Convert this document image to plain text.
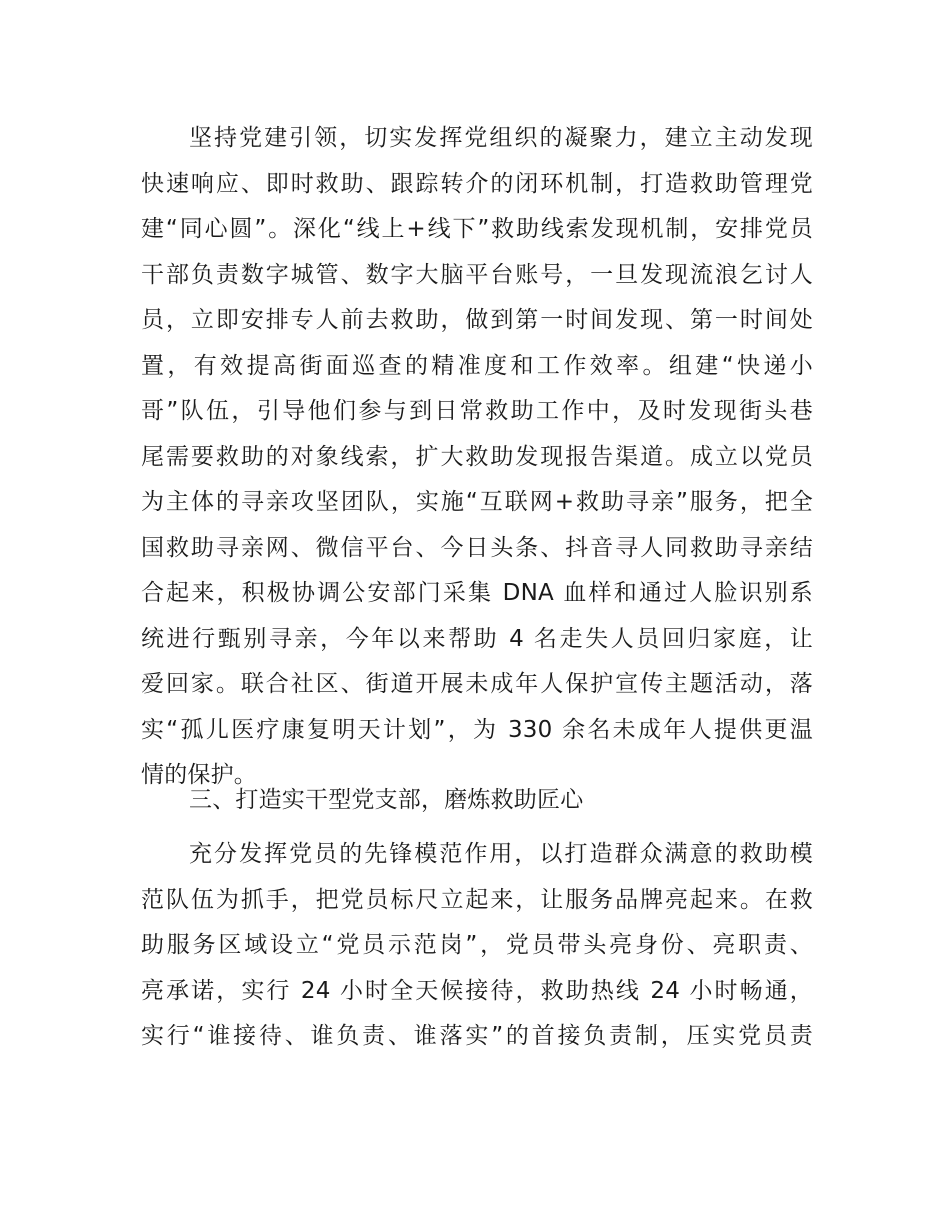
坚持党建引领，切实发挥党组织的凝聚力，建立主动发现
快速响应、即时救助、跟踪转介的闭环机制，打造救助管理党
建“同心圆”。深化“线上+线下”救助线索发现机制，安排党员
干部负责数字城管、数字大脑平台账号，一旦发现流浪乞讨人
员，立即安排专人前去救助，做到第一时间发现、第一时间处
置，有效提高街面巡查的精准度和工作效率。组建“快递小
哥”队伍，引导他们参与到日常救助工作中，及时发现街头巷
尾需要救助的对象线索，扩大救助发现报告渠道。成立以党员
为主体的寻亲攻坚团队，实施“互联网+救助寻亲”服务，把全
国救助寻亲网、微信平台、今日头条、抖音寻人同救助寻亲结
合起来，积极协调公安部门采集 DNA 血样和通过人脸识别系
统进行甄别寻亲，今年以来帮助 4 名走失人员回归家庭，让
爱回家。联合社区、街道开展未成年人保护宣传主题活动，落
实“孤儿医疗康复明天计划”，为 330 余名未成年人提供更温
情的保护。
三、打造实干型党支部，磨炼救助匠心
充分发挥党员的先锋模范作用，以打造群众满意的救助模
范队伍为抓手，把党员标尺立起来，让服务品牌亮起来。在救
助服务区域设立“党员示范岗”，党员带头亮身份、亮职责、
亮承诺，实行 24 小时全天候接待，救助热线 24 小时畅通，
实行“谁接待、谁负责、谁落实”的首接负责制，压实党员责
